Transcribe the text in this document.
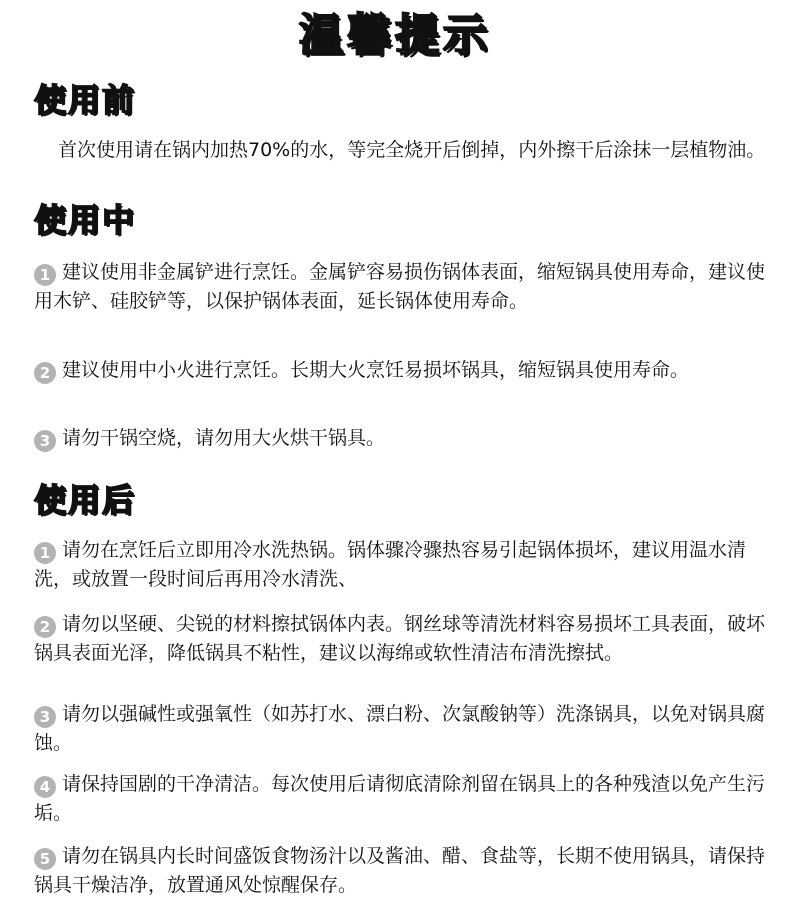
温馨提示
使用前
首次使用请在锅内加热70%的水，等完全烧开后倒掉，内外擦干后涂抹一层植物油。
使用中
1 建议使用非金属铲进行烹饪。金属铲容易损伤锅体表面，缩短锅具使用寿命，建议使用木铲、硅胶铲等，以保护锅体表面，延长锅体使用寿命。
2 建议使用中小火进行烹饪。长期大火烹饪易损坏锅具，缩短锅具使用寿命。
3 请勿干锅空烧，请勿用大火烘干锅具。
使用后
1 请勿在烹饪后立即用冷水洗热锅。锅体骤冷骤热容易引起锅体损坏，建议用温水清洗，或放置一段时间后再用冷水清洗、
2 请勿以坚硬、尖锐的材料擦拭锅体内表。钢丝球等清洗材料容易损坏工具表面，破坏锅具表面光泽，降低锅具不粘性，建议以海绵或软性清洁布清洗擦拭。
3 请勿以强碱性或强氧性（如苏打水、漂白粉、次氯酸钠等）洗涤锅具，以免对锅具腐蚀。
4 请保持国剧的干净清洁。每次使用后请彻底清除剂留在锅具上的各种残渣以免产生污垢。
5 请勿在锅具内长时间盛饭食物汤汁以及酱油、醋、食盐等，长期不使用锅具，请保持锅具干燥洁净，放置通风处惊醒保存。
